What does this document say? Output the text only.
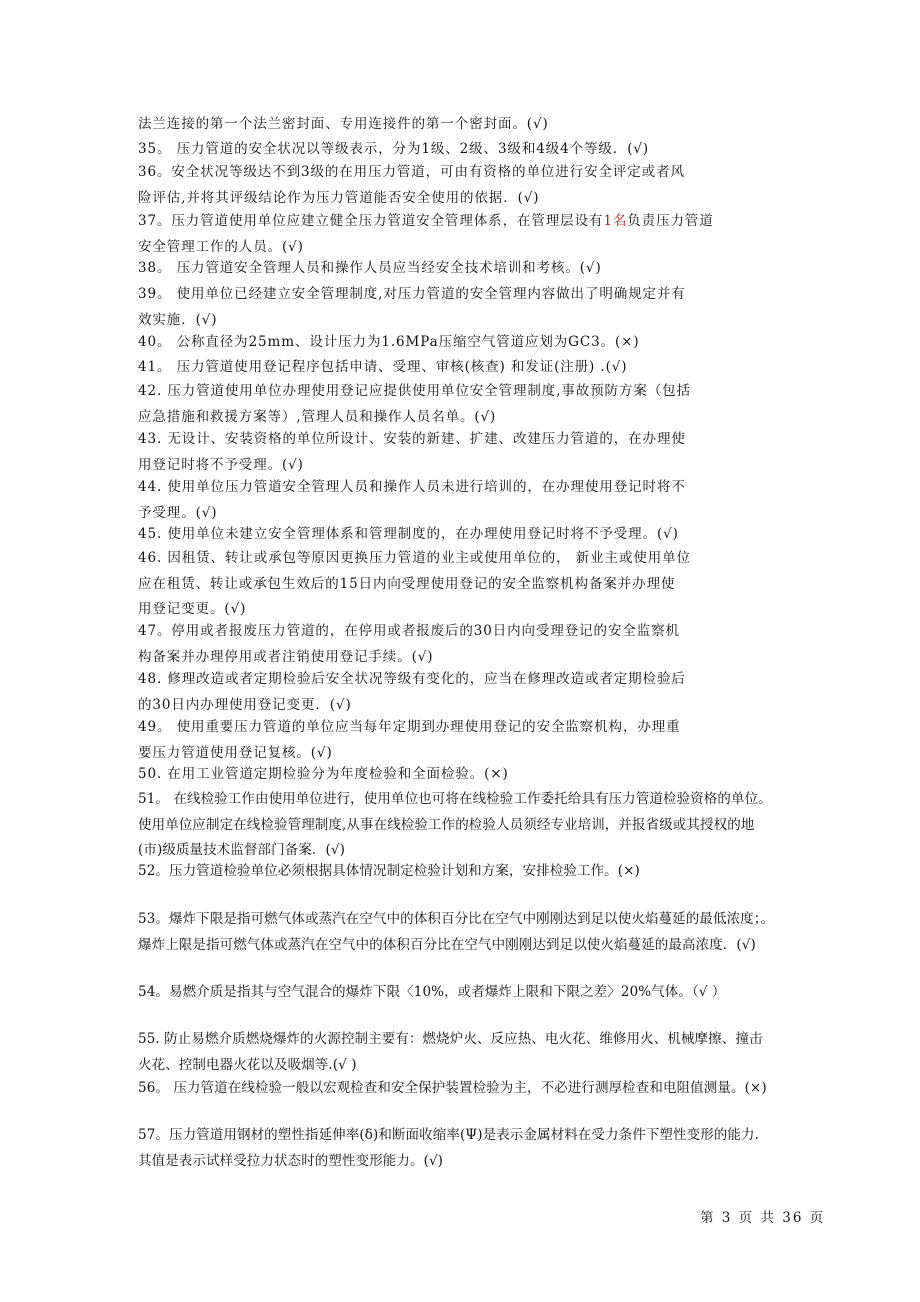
法兰连接的第一个法兰密封面、专用连接件的第一个密封面。(√)
35。 压力管道的安全状况以等级表示，分为1级、2级、3级和4级4个等级．(√)
36。安全状况等级达不到3级的在用压力管道，可由有资格的单位进行安全评定或者风
险评估,并将其评级结论作为压力管道能否安全使用的依据．(√)
37。压力管道使用单位应建立健全压力管道安全管理体系，在管理层设有1名负责压力管道
安全管理工作的人员。(√)
38。 压力管道安全管理人员和操作人员应当经安全技术培训和考核。(√)
39。 使用单位已经建立安全管理制度,对压力管道的安全管理内容做出了明确规定并有
效实施．(√)
40。 公称直径为25mm、设计压力为1.6MPa压缩空气管道应划为GC3。(×)
41。 压力管道使用登记程序包括申请、受理、审核(核查) 和发证(注册) .(√)
42. 压力管道使用单位办理使用登记应提供使用单位安全管理制度,事故预防方案（包括
应急措施和救援方案等）,管理人员和操作人员名单。(√)
43. 无设计、安装资格的单位所设计、安装的新建、扩建、改建压力管道的，在办理使
用登记时将不予受理。(√)
44. 使用单位压力管道安全管理人员和操作人员未进行培训的，在办理使用登记时将不
予受理。(√)
45. 使用单位未建立安全管理体系和管理制度的，在办理使用登记时将不予受理。(√)
46. 因租赁、转让或承包等原因更换压力管道的业主或使用单位的， 新业主或使用单位
应在租赁、转让或承包生效后的15日内向受理使用登记的安全监察机构备案并办理使
用登记变更。(√)
47。停用或者报废压力管道的，在停用或者报废后的30日内向受理登记的安全监察机
构备案并办理停用或者注销使用登记手续。(√)
48. 修理改造或者定期检验后安全状况等级有变化的，应当在修理改造或者定期检验后
的30日内办理使用登记变更．(√)
49。 使用重要压力管道的单位应当每年定期到办理使用登记的安全监察机构，办理重
要压力管道使用登记复核。(√)
50. 在用工业管道定期检验分为年度检验和全面检验。(×)
51。 在线检验工作由使用单位进行，使用单位也可将在线检验工作委托给具有压力管道检验资格的单位。
使用单位应制定在线检验管理制度,从事在线检验工作的检验人员须经专业培训，并报省级或其授权的地
(市)级质量技术监督部门备案．(√)
52。压力管道检验单位必须根据具体情况制定检验计划和方案，安排检验工作。(×)
53。爆炸下限是指可燃气体或蒸汽在空气中的体积百分比在空气中刚刚达到足以使火焰蔓延的最低浓度；。
爆炸上限是指可燃气体或蒸汽在空气中的体积百分比在空气中刚刚达到足以使火焰蔓延的最高浓度．(√)
54。易燃介质是指其与空气混合的爆炸下限〈10%，或者爆炸上限和下限之差〉20%气体。（√ ）
55. 防止易燃介质燃烧爆炸的火源控制主要有：燃烧炉火、反应热、电火花、维修用火、机械摩擦、撞击
火花、控制电器火花以及吸烟等.(√ )
56。 压力管道在线检验一般以宏观检查和安全保护装置检验为主，不必进行测厚检查和电阻值测量。(×)
57。压力管道用钢材的塑性指延伸率(δ)和断面收缩率(Ψ)是表示金属材料在受力条件下塑性变形的能力.
其值是表示试样受拉力状态时的塑性变形能力。(√)
第 3 页 共 36 页
